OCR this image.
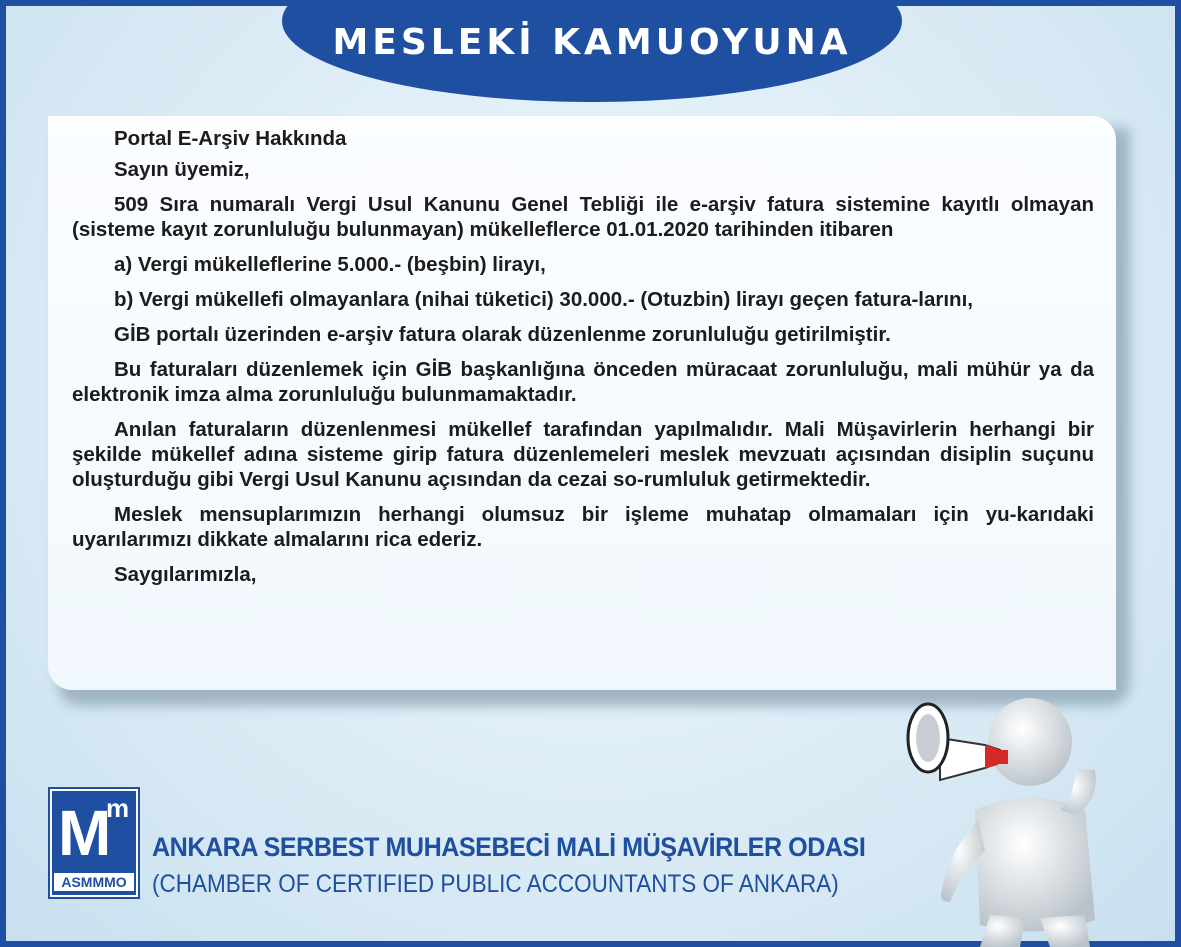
MESLEKİ KAMUOYUNA

Portal E-Arşiv Hakkında

Sayın üyemiz,

509 Sıra numaralı Vergi Usul Kanunu Genel Tebliği ile e-arşiv fatura sistemine kayıtlı olmayan (sisteme kayıt zorunluluğu bulunmayan) mükelleflerce 01.01.2020 tarihinden itibaren

a) Vergi mükelleflerine 5.000.- (beşbin) lirayı,

b) Vergi mükellefi olmayanlara (nihai tüketici) 30.000.- (Otuzbin) lirayı geçen fatura-larını,

GİB portalı üzerinden e-arşiv fatura olarak düzenlenme zorunluluğu getirilmiştir.

Bu faturaları düzenlemek için GİB başkanlığına önceden müracaat zorunluluğu, mali mühür ya da elektronik imza alma zorunluluğu bulunmamaktadır.

Anılan faturaların düzenlenmesi mükellef tarafından yapılmalıdır. Mali Müşavirlerin herhangi bir şekilde mükellef adına sisteme girip fatura düzenlemeleri meslek mevzuatı açısından disiplin suçunu oluşturduğu gibi Vergi Usul Kanunu açısından da cezai so-rumluluk getirmektedir.

Meslek mensuplarımızın herhangi olumsuz bir işleme muhatap olmamaları için yu-karıdaki uyarılarımızı dikkate almalarını rica ederiz.

Saygılarımızla,

M
m
ASMMMO
ANKARA SERBEST MUHASEBECİ MALİ MÜŞAVİRLER ODASI
(CHAMBER OF CERTIFIED PUBLIC ACCOUNTANTS OF ANKARA)
